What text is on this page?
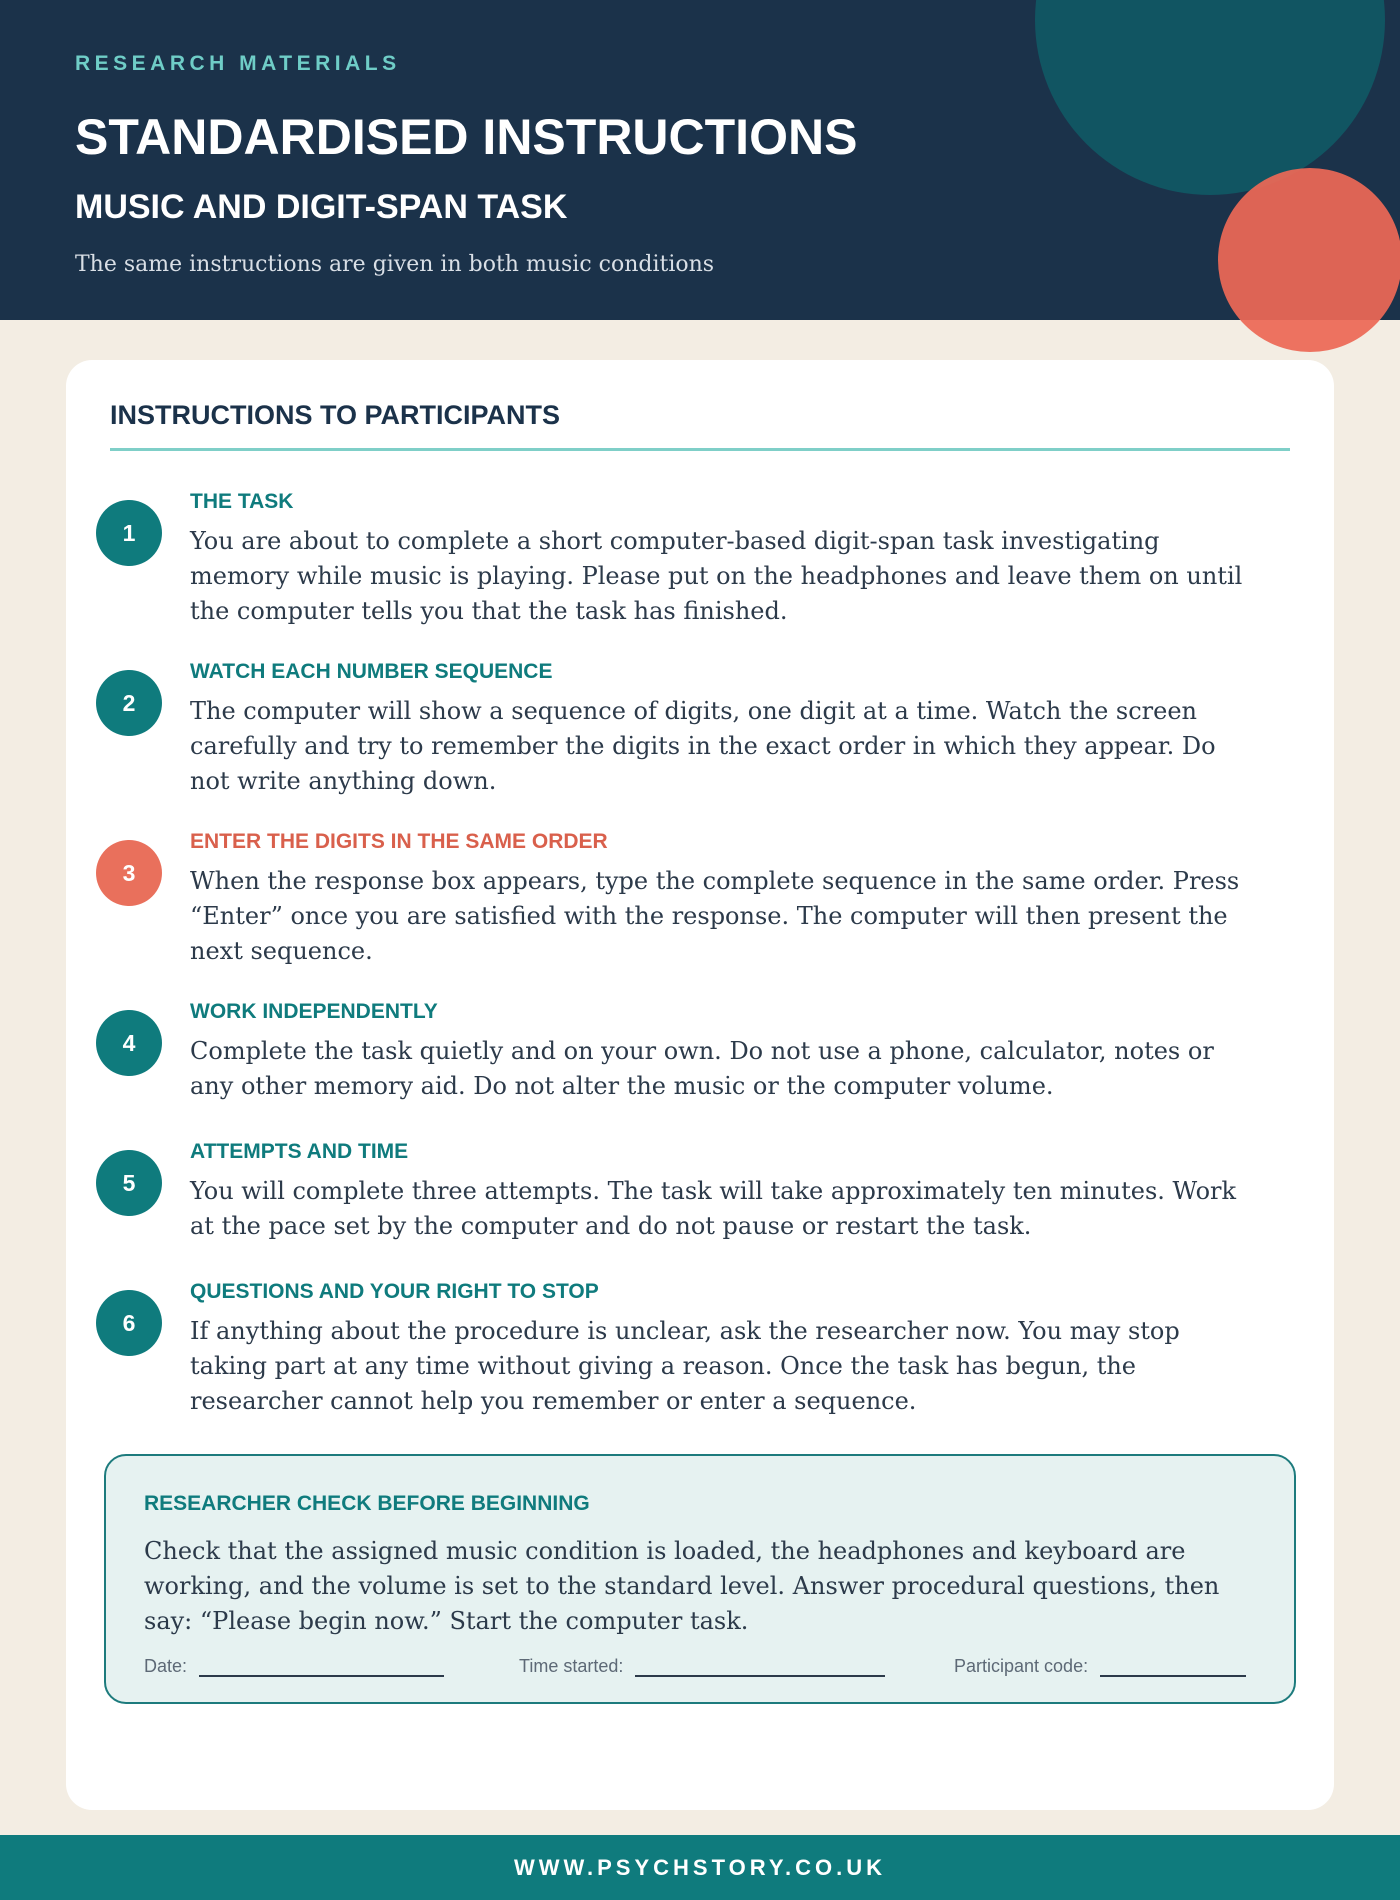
RESEARCH MATERIALS
STANDARDISED INSTRUCTIONS
MUSIC AND DIGIT-SPAN TASK

The same instructions are given in both music conditions

INSTRUCTIONS TO PARTICIPANTS
1
THE TASK

You are about to complete a short computer-based digit-span task investigating memory while music is playing. Please put on the headphones and leave them on until the computer tells you that the task has finished.

2
WATCH EACH NUMBER SEQUENCE

The computer will show a sequence of digits, one digit at a time. Watch the screen carefully and try to remember the digits in the exact order in which they appear. Do not write anything down.

3
ENTER THE DIGITS IN THE SAME ORDER

When the response box appears, type the complete sequence in the same order. Press “Enter” once you are satisfied with the response. The computer will then present the next sequence.

4
WORK INDEPENDENTLY

Complete the task quietly and on your own. Do not use a phone, calculator, notes or any other memory aid. Do not alter the music or the computer volume.

5
ATTEMPTS AND TIME

You will complete three attempts. The task will take approximately ten minutes. Work at the pace set by the computer and do not pause or restart the task.

6
QUESTIONS AND YOUR RIGHT TO STOP

If anything about the procedure is unclear, ask the researcher now. You may stop taking part at any time without giving a reason. Once the task has begun, the researcher cannot help you remember or enter a sequence.

RESEARCHER CHECK BEFORE BEGINNING

Check that the assigned music condition is loaded, the headphones and keyboard are working, and the volume is set to the standard level. Answer procedural questions, then say: “Please begin now.” Start the computer task.

Date:	Time started:	Participant code:
WWW.PSYCHSTORY.CO.UK
